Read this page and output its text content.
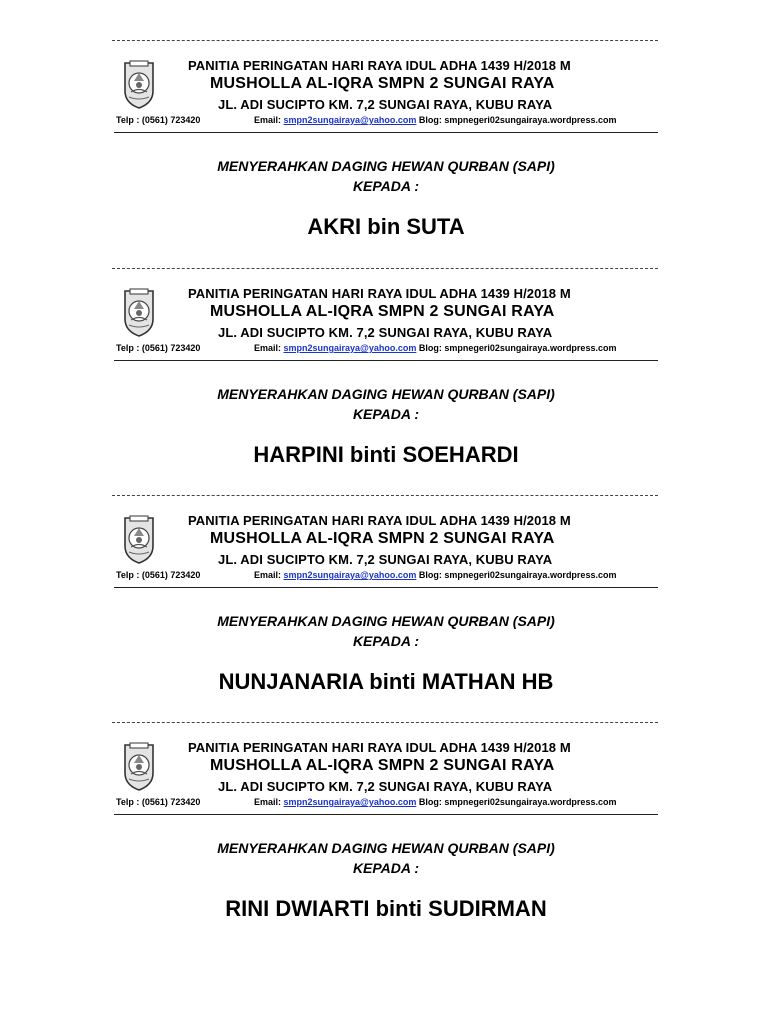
PANITIA PERINGATAN HARI RAYA IDUL ADHA 1439 H/2018 M
MUSHOLLA AL-IQRA SMPN 2 SUNGAI RAYA
JL. ADI SUCIPTO KM. 7,2 SUNGAI RAYA, KUBU RAYA
Telp : (0561) 723420	Email: smpn2sungairaya@yahoo.com Blog: smpnegeri02sungairaya.wordpress.com
MENYERAHKAN DAGING HEWAN QURBAN (SAPI)
KEPADA :
AKRI bin SUTA
PANITIA PERINGATAN HARI RAYA IDUL ADHA 1439 H/2018 M
MUSHOLLA AL-IQRA SMPN 2 SUNGAI RAYA
JL. ADI SUCIPTO KM. 7,2 SUNGAI RAYA, KUBU RAYA
Telp : (0561) 723420	Email: smpn2sungairaya@yahoo.com Blog: smpnegeri02sungairaya.wordpress.com
MENYERAHKAN DAGING HEWAN QURBAN (SAPI)
KEPADA :
HARPINI binti SOEHARDI
PANITIA PERINGATAN HARI RAYA IDUL ADHA 1439 H/2018 M
MUSHOLLA AL-IQRA SMPN 2 SUNGAI RAYA
JL. ADI SUCIPTO KM. 7,2 SUNGAI RAYA, KUBU RAYA
Telp : (0561) 723420	Email: smpn2sungairaya@yahoo.com Blog: smpnegeri02sungairaya.wordpress.com
MENYERAHKAN DAGING HEWAN QURBAN (SAPI)
KEPADA :
NUNJANARIA binti MATHAN HB
PANITIA PERINGATAN HARI RAYA IDUL ADHA 1439 H/2018 M
MUSHOLLA AL-IQRA SMPN 2 SUNGAI RAYA
JL. ADI SUCIPTO KM. 7,2 SUNGAI RAYA, KUBU RAYA
Telp : (0561) 723420	Email: smpn2sungairaya@yahoo.com Blog: smpnegeri02sungairaya.wordpress.com
MENYERAHKAN DAGING HEWAN QURBAN (SAPI)
KEPADA :
RINI DWIARTI binti SUDIRMAN
